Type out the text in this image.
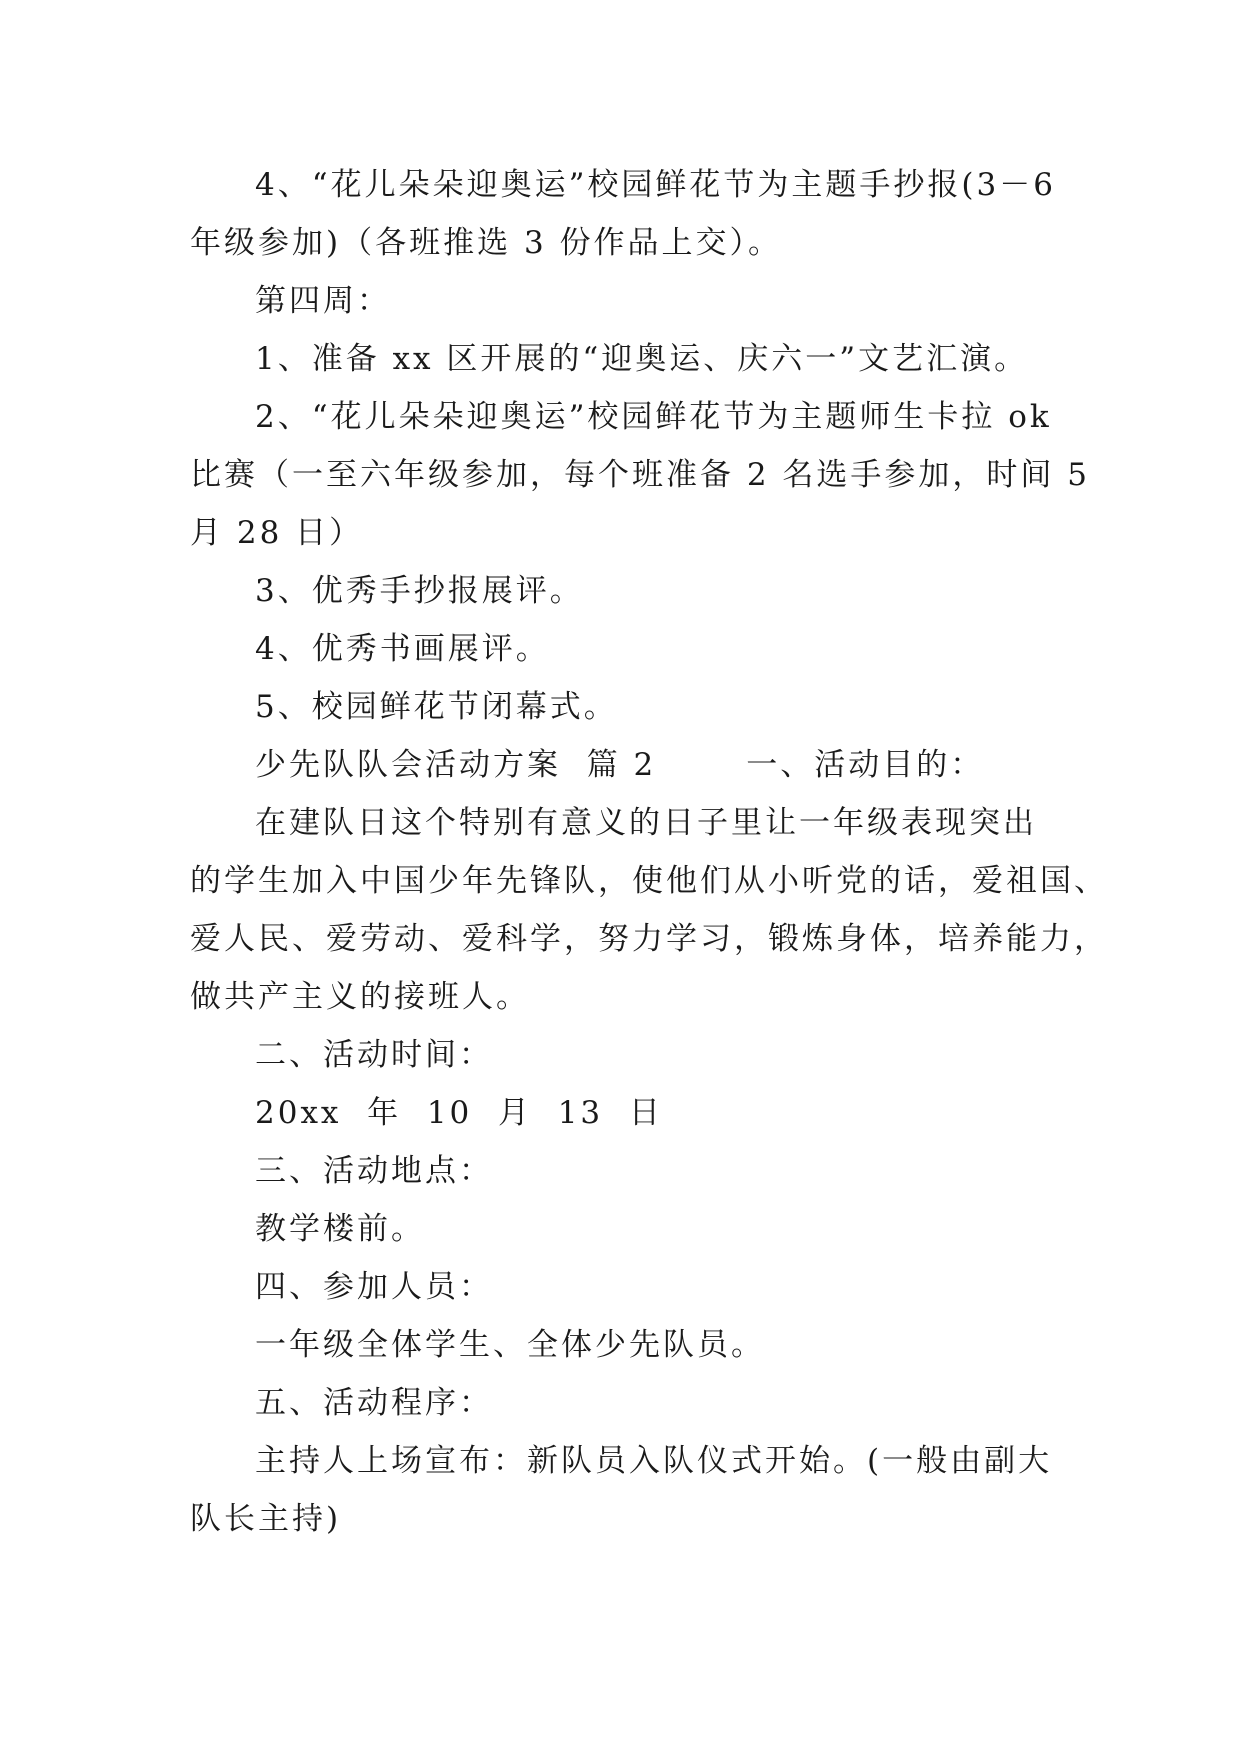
4、“花儿朵朵迎奥运”校园鲜花节为主题手抄报(3－6
年级参加)（各班推选 3 份作品上交）。
第四周：
1、准备 xx 区开展的“迎奥运、庆六一”文艺汇演。
2、“花儿朵朵迎奥运”校园鲜花节为主题师生卡拉 ok
比赛（一至六年级参加，每个班准备 2 名选手参加，时间 5
月 28 日）
3、优秀手抄报展评。
4、优秀书画展评。
5、校园鲜花节闭幕式。
少先队队会活动方案  篇 2       一、活动目的：
在建队日这个特别有意义的日子里让一年级表现突出
的学生加入中国少年先锋队，使他们从小听党的话，爱祖国、
爱人民、爱劳动、爱科学，努力学习，锻炼身体，培养能力，
做共产主义的接班人。
二、活动时间：
20xx  年  10  月  13  日
三、活动地点：
教学楼前。
四、参加人员：
一年级全体学生、全体少先队员。
五、活动程序：
主持人上场宣布：新队员入队仪式开始。(一般由副大
队长主持)
